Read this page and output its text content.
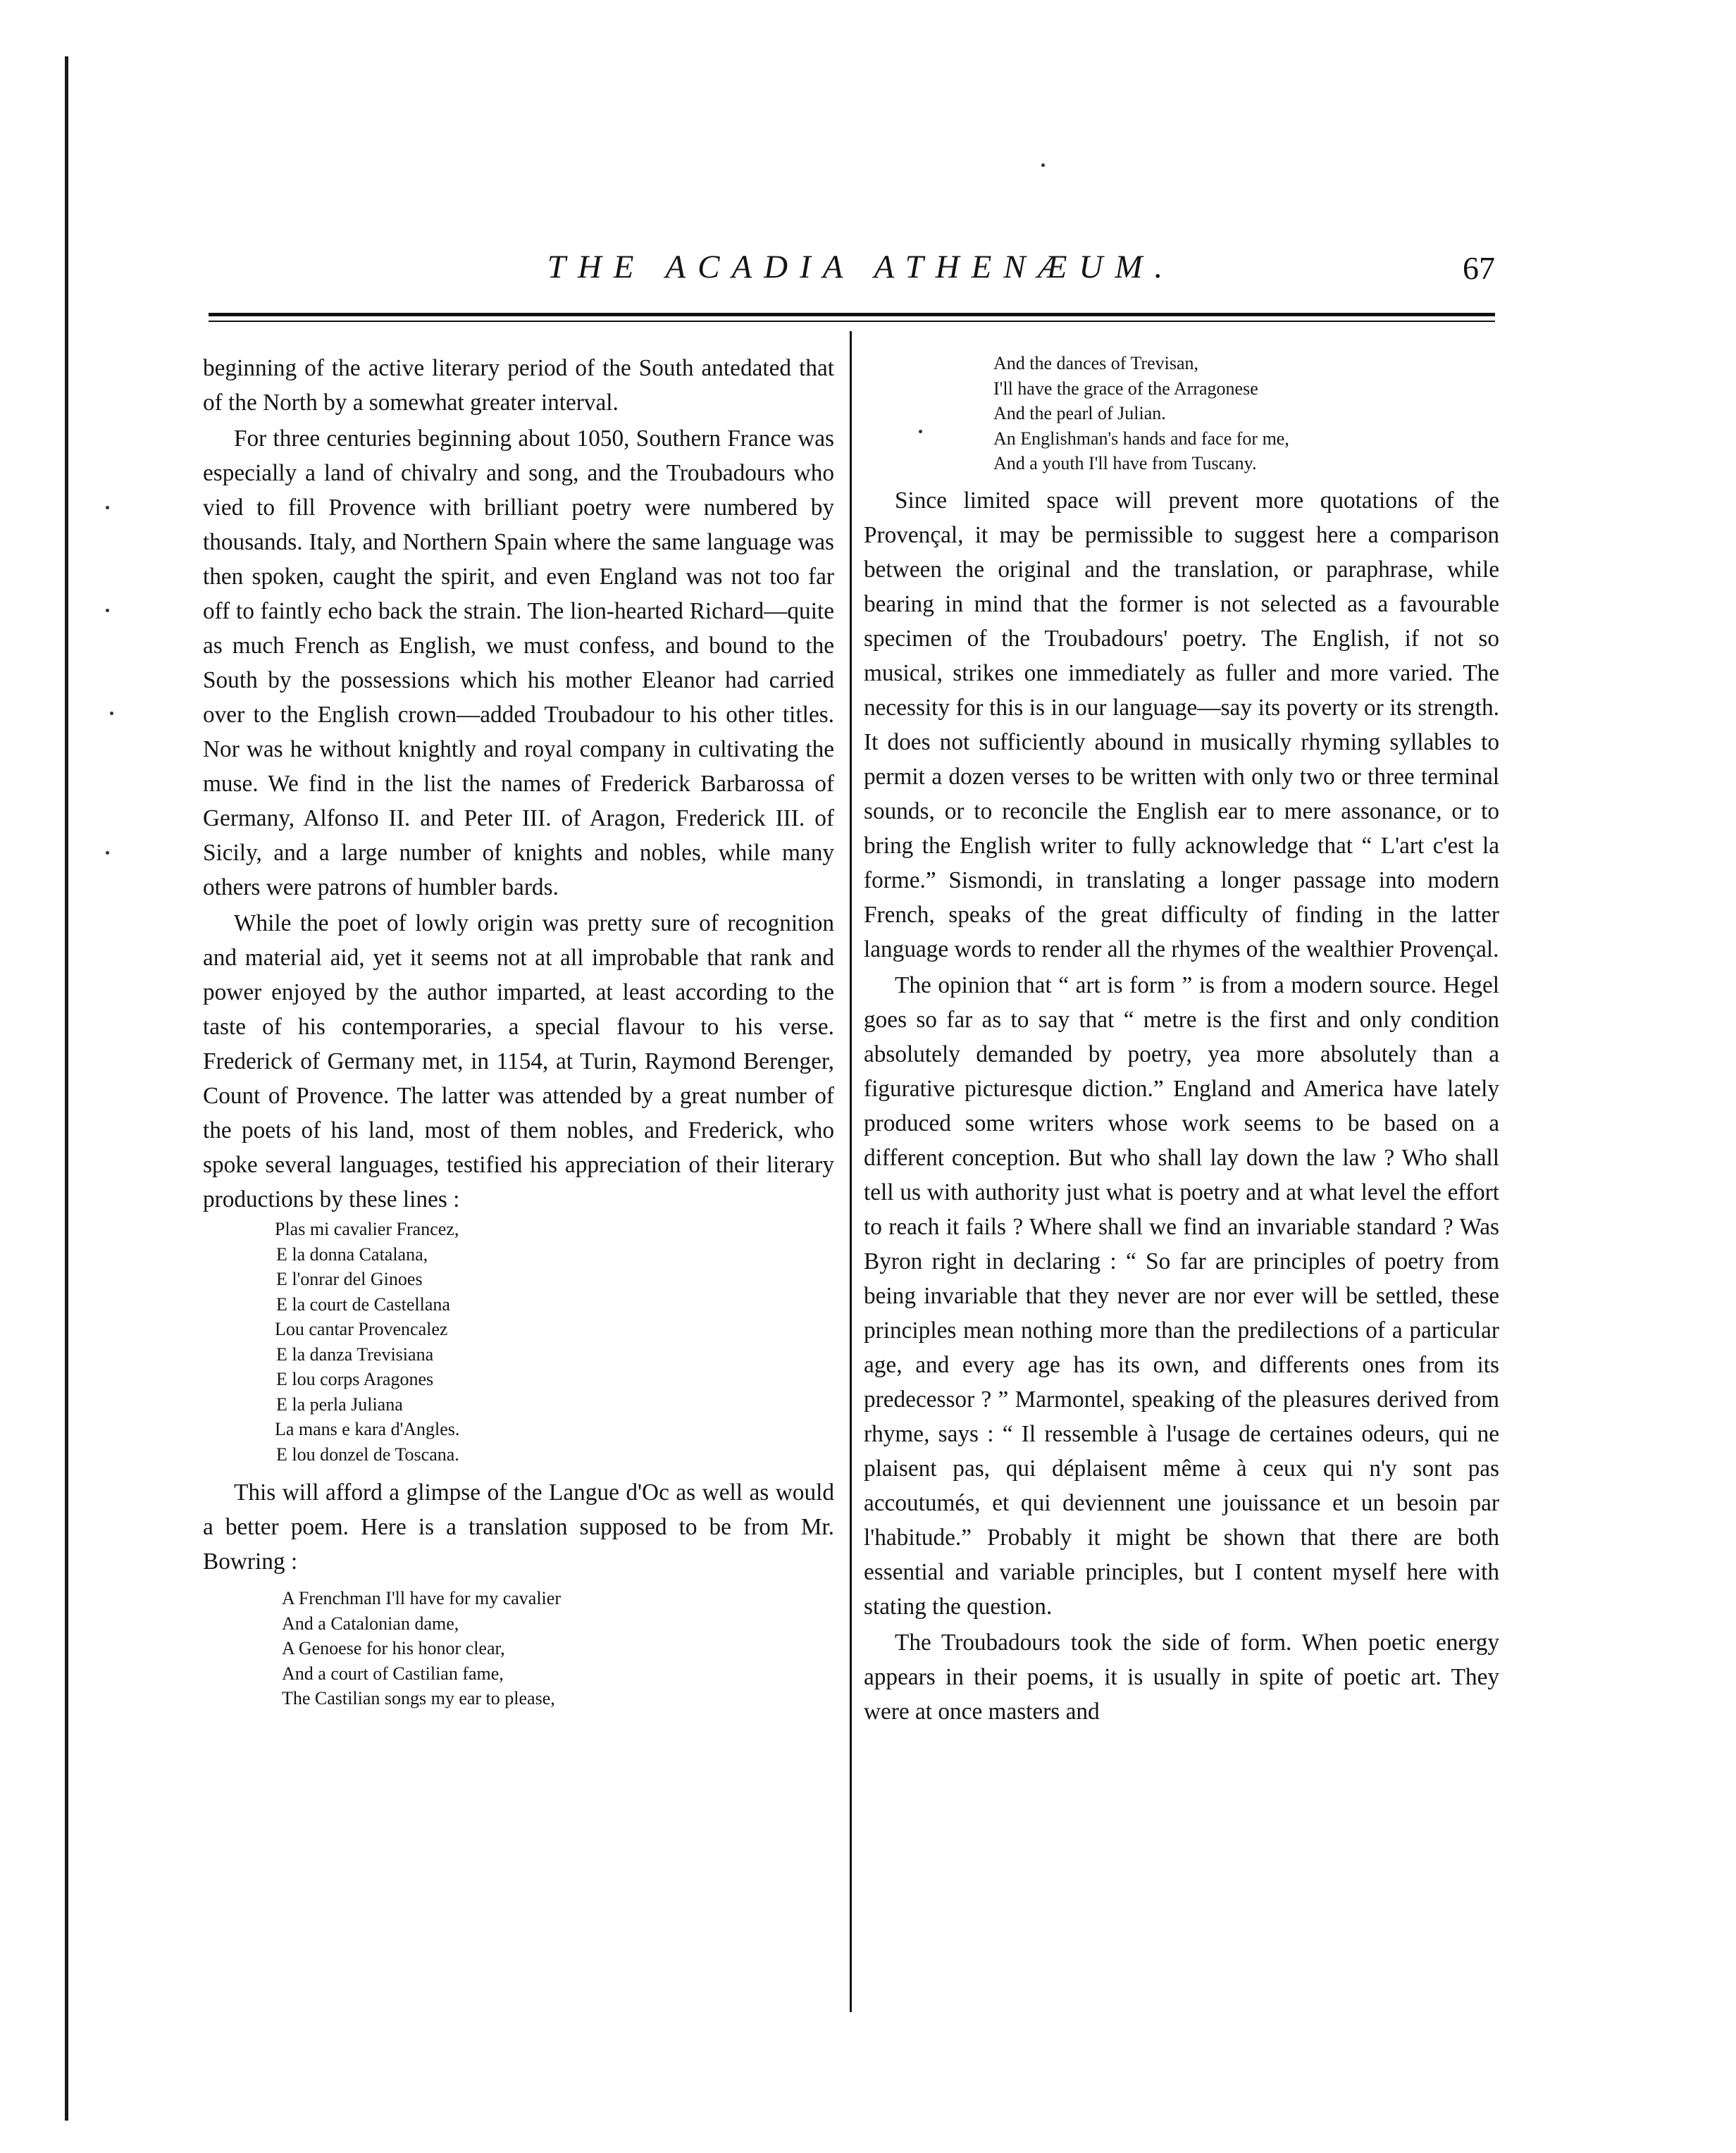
THE ACADIA ATHENÆUM.	67

beginning of the active literary period of the South antedated that of the North by a somewhat greater interval.

For three centuries beginning about 1050, Southern France was especially a land of chivalry and song, and the Troubadours who vied to fill Provence with brilliant poetry were numbered by thousands. Italy, and Northern Spain where the same language was then spoken, caught the spirit, and even England was not too far off to faintly echo back the strain. The lion-hearted Richard—quite as much French as English, we must confess, and bound to the South by the possessions which his mother Eleanor had carried over to the English crown—added Troubadour to his other titles. Nor was he without knightly and royal company in cultivating the muse. We find in the list the names of Frederick Barbarossa of Germany, Alfonso II. and Peter III. of Aragon, Frederick III. of Sicily, and a large number of knights and nobles, while many others were patrons of humbler bards.

While the poet of lowly origin was pretty sure of recognition and material aid, yet it seems not at all improbable that rank and power enjoyed by the author imparted, at least according to the taste of his contemporaries, a special flavour to his verse. Frederick of Germany met, in 1154, at Turin, Raymond Berenger, Count of Provence. The latter was attended by a great number of the poets of his land, most of them nobles, and Frederick, who spoke several languages, testified his appreciation of their literary productions by these lines :

Plas mi cavalier Francez,
E la donna Catalana,
E l'onrar del Ginoes
E la court de Castellana
Lou cantar Provencalez
E la danza Trevisiana
E lou corps Aragones
E la perla Juliana
La mans e kara d'Angles.
E lou donzel de Toscana.

This will afford a glimpse of the Langue d'Oc as well as would a better poem. Here is a translation supposed to be from Mr. Bowring :

A Frenchman I'll have for my cavalier
And a Catalonian dame,
A Genoese for his honor clear,
And a court of Castilian fame,
The Castilian songs my ear to please,
And the dances of Trevisan,
I'll have the grace of the Arragonese
And the pearl of Julian.
An Englishman's hands and face for me,
And a youth I'll have from Tuscany.

Since limited space will prevent more quotations of the Provençal, it may be permissible to suggest here a comparison between the original and the translation, or paraphrase, while bearing in mind that the former is not selected as a favourable specimen of the Troubadours' poetry. The English, if not so musical, strikes one immediately as fuller and more varied. The necessity for this is in our language—say its poverty or its strength. It does not sufficiently abound in musically rhyming syllables to permit a dozen verses to be written with only two or three terminal sounds, or to reconcile the English ear to mere assonance, or to bring the English writer to fully acknowledge that “ L'art c'est la forme.” Sismondi, in translating a longer passage into modern French, speaks of the great difficulty of finding in the latter language words to render all the rhymes of the wealthier Provençal.

The opinion that “ art is form ” is from a modern source. Hegel goes so far as to say that “ metre is the first and only condition absolutely demanded by poetry, yea more absolutely than a figurative picturesque diction.” England and America have lately produced some writers whose work seems to be based on a different conception. But who shall lay down the law ? Who shall tell us with authority just what is poetry and at what level the effort to reach it fails ? Where shall we find an invariable standard ? Was Byron right in declaring : “ So far are principles of poetry from being invariable that they never are nor ever will be settled, these principles mean nothing more than the predilections of a particular age, and every age has its own, and differents ones from its predecessor ? ” Marmontel, speaking of the pleasures derived from rhyme, says : “ Il ressemble à l'usage de certaines odeurs, qui ne plaisent pas, qui déplaisent même à ceux qui n'y sont pas accoutumés, et qui deviennent une jouissance et un besoin par l'habitude.” Probably it might be shown that there are both essential and variable principles, but I content myself here with stating the question.

The Troubadours took the side of form. When poetic energy appears in their poems, it is usually in spite of poetic art. They were at once masters and
